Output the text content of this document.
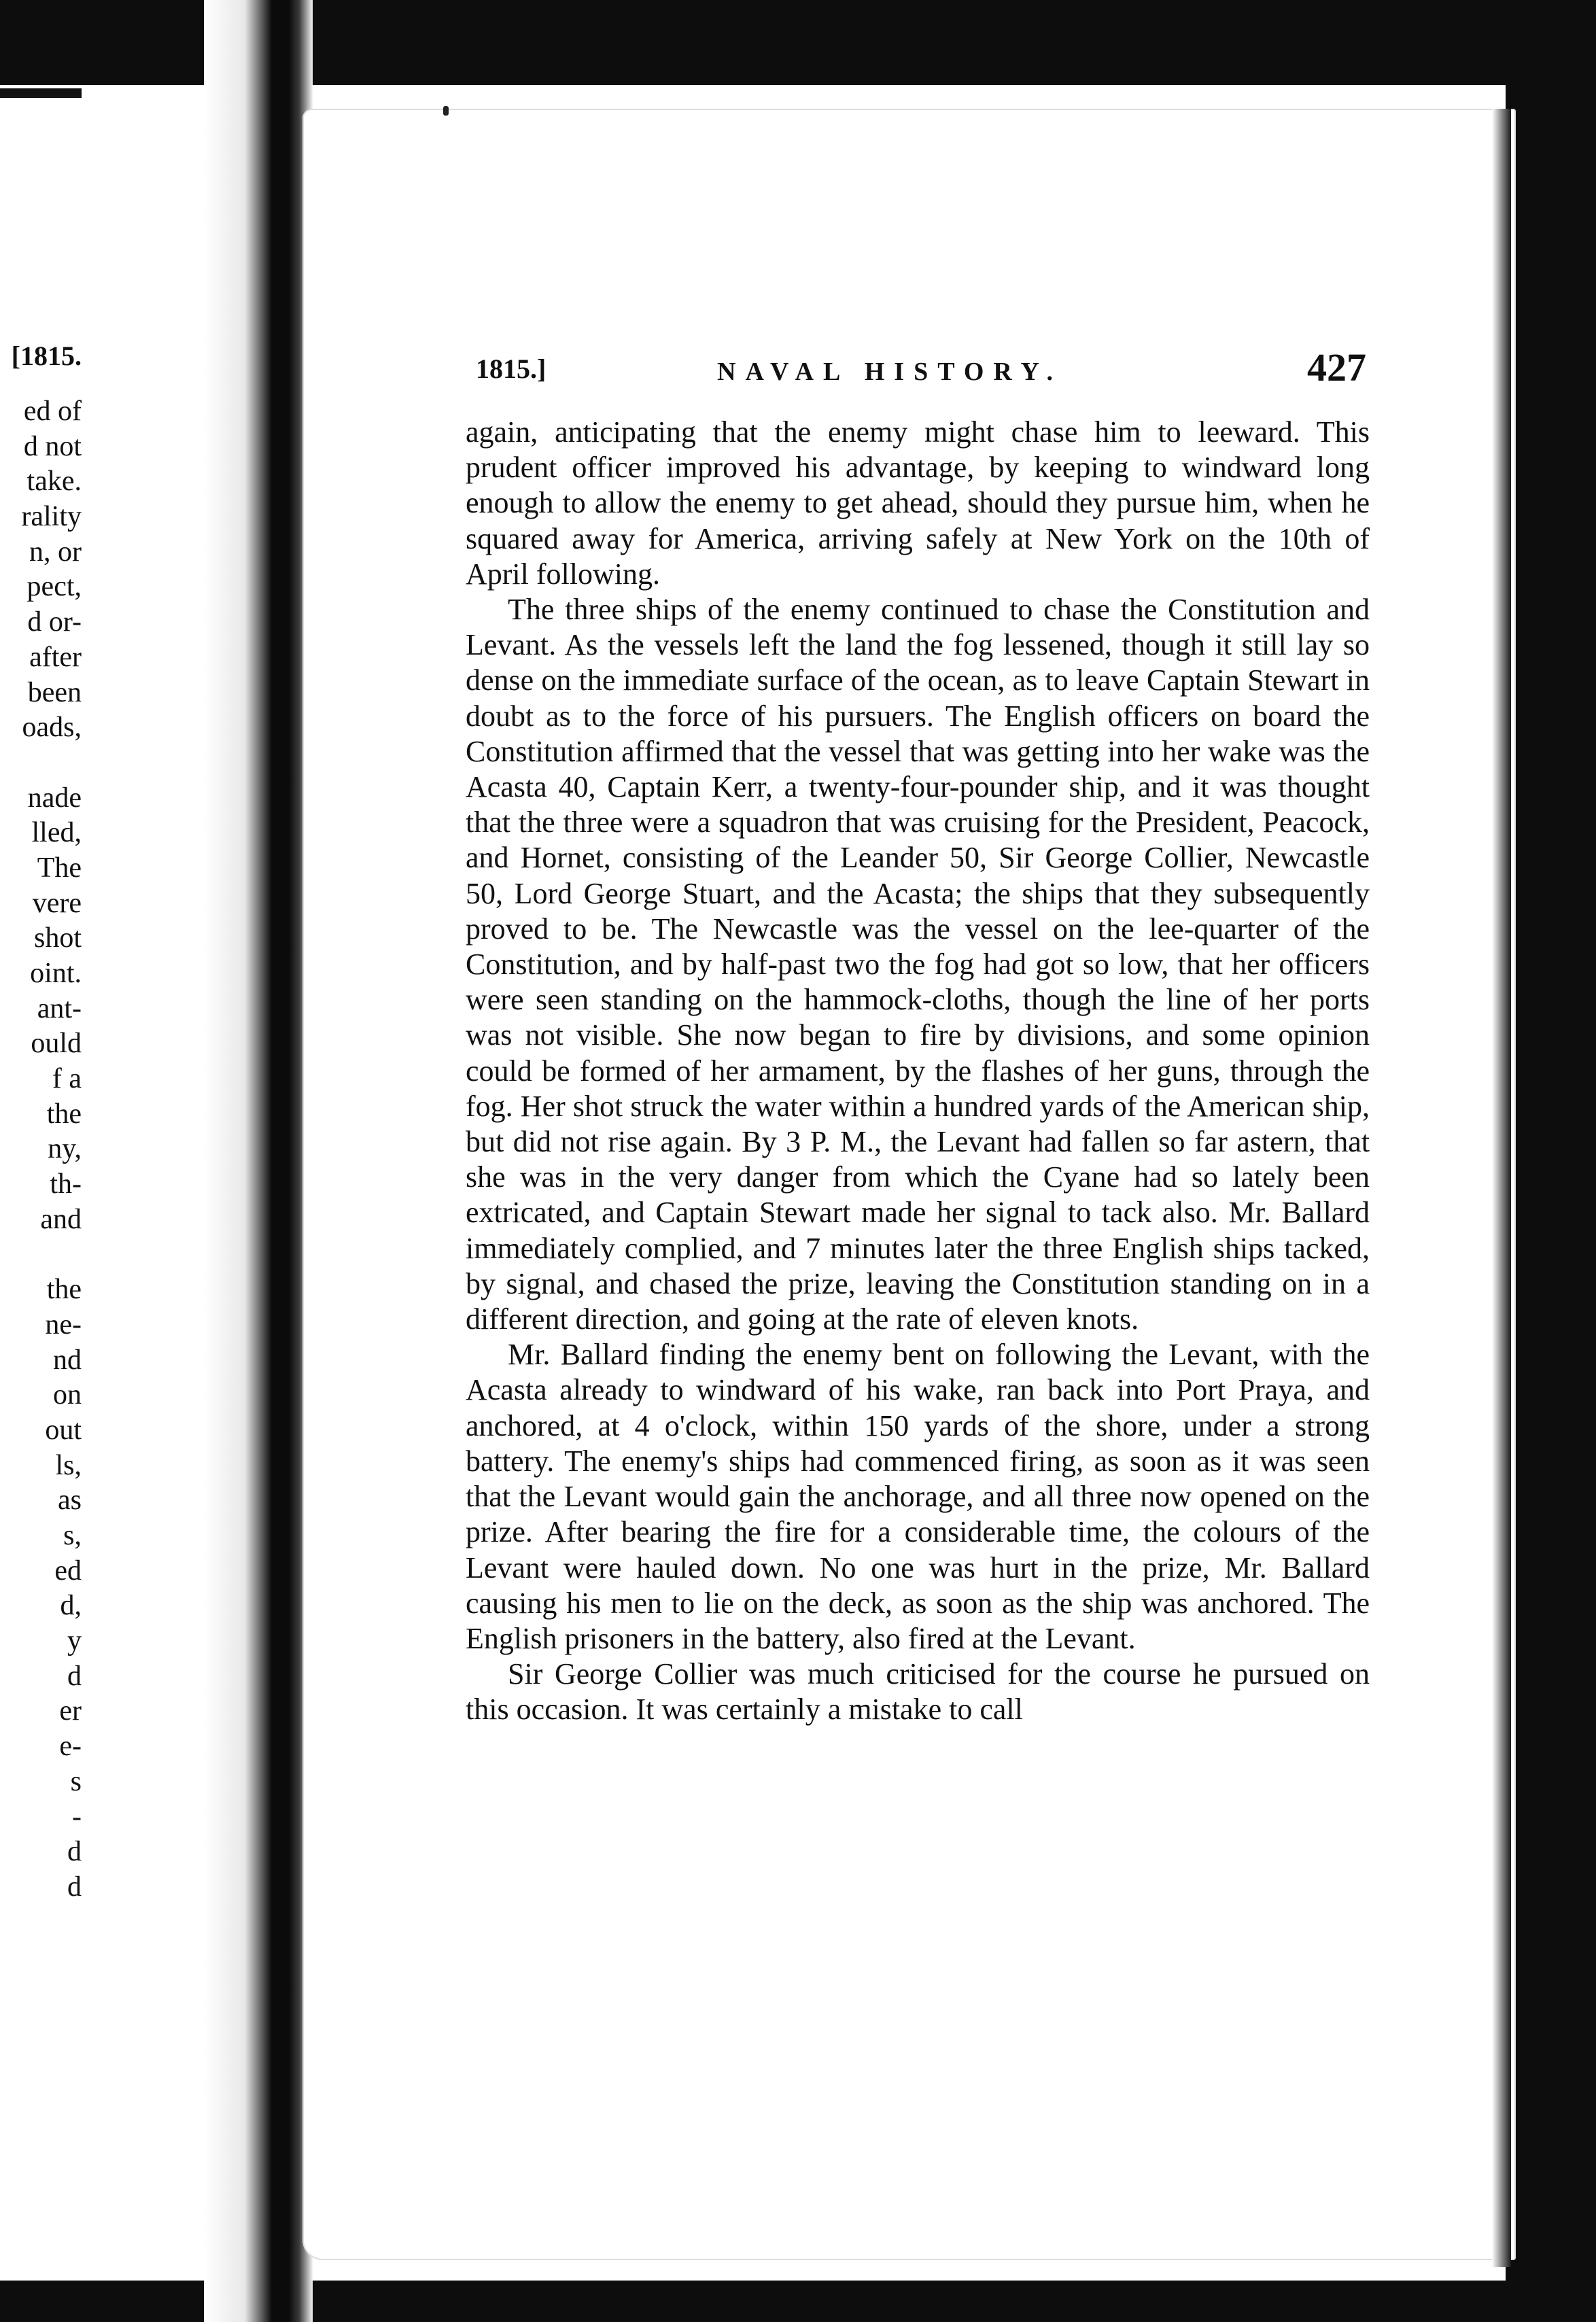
[1815.
ed of
d not
take.
rality
n, or
pect,
d or-
after
been
oads,
nade
lled,
The
vere
shot
oint.
ant-
ould
f a
the
ny,
th-
and
the
ne-
nd
on
out
ls,
as
s,
ed
d,
y
d
er
e-
s
-
d
d
1815.]	NAVAL HISTORY.	427

again, anticipating that the enemy might chase him to leeward. This prudent officer improved his advantage, by keeping to windward long enough to allow the enemy to get ahead, should they pursue him, when he squared away for America, arriving safely at New York on the 10th of April following.

The three ships of the enemy continued to chase the Constitution and Levant. As the vessels left the land the fog lessened, though it still lay so dense on the immediate surface of the ocean, as to leave Captain Stewart in doubt as to the force of his pursuers. The English officers on board the Constitution affirmed that the vessel that was getting into her wake was the Acasta 40, Captain Kerr, a twenty-four-pounder ship, and it was thought that the three were a squadron that was cruising for the President, Peacock, and Hornet, consisting of the Leander 50, Sir George Collier, Newcastle 50, Lord George Stuart, and the Acasta; the ships that they subsequently proved to be. The Newcastle was the vessel on the lee-quarter of the Constitution, and by half-past two the fog had got so low, that her officers were seen standing on the hammock-cloths, though the line of her ports was not visible. She now began to fire by divisions, and some opinion could be formed of her armament, by the flashes of her guns, through the fog. Her shot struck the water within a hundred yards of the American ship, but did not rise again. By 3 P. M., the Levant had fallen so far astern, that she was in the very danger from which the Cyane had so lately been extricated, and Captain Stewart made her signal to tack also. Mr. Ballard immediately complied, and 7 minutes later the three English ships tacked, by signal, and chased the prize, leaving the Constitution standing on in a different direction, and going at the rate of eleven knots.

Mr. Ballard finding the enemy bent on following the Levant, with the Acasta already to windward of his wake, ran back into Port Praya, and anchored, at 4 o'clock, within 150 yards of the shore, under a strong battery. The enemy's ships had commenced firing, as soon as it was seen that the Levant would gain the anchorage, and all three now opened on the prize. After bearing the fire for a considerable time, the colours of the Levant were hauled down. No one was hurt in the prize, Mr. Ballard causing his men to lie on the deck, as soon as the ship was anchored. The English prisoners in the battery, also fired at the Levant.

Sir George Collier was much criticised for the course he pursued on this occasion. It was certainly a mistake to call
